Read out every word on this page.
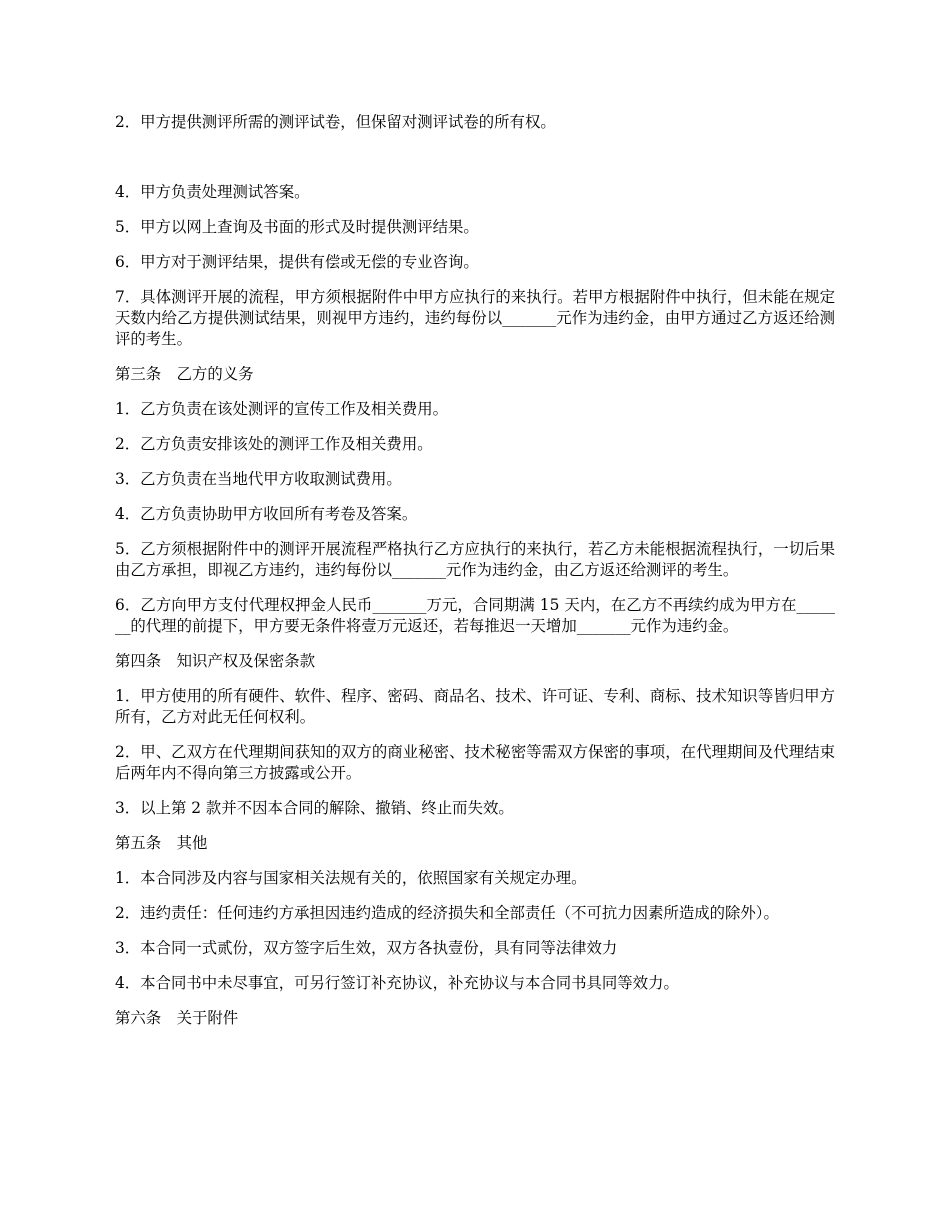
2．甲方提供测评所需的测评试卷，但保留对测评试卷的所有权。

4．甲方负责处理测试答案。

5．甲方以网上查询及书面的形式及时提供测评结果。

6．甲方对于测评结果，提供有偿或无偿的专业咨询。

7．具体测评开展的流程，甲方须根据附件中甲方应执行的来执行。若甲方根据附件中执行，但未能在规定天数内给乙方提供测试结果，则视甲方违约，违约每份以_______元作为违约金，由甲方通过乙方返还给测评的考生。

第三条　乙方的义务

1．乙方负责在该处测评的宣传工作及相关费用。

2．乙方负责安排该处的测评工作及相关费用。

3．乙方负责在当地代甲方收取测试费用。

4．乙方负责协助甲方收回所有考卷及答案。

5．乙方须根据附件中的测评开展流程严格执行乙方应执行的来执行，若乙方未能根据流程执行，一切后果由乙方承担，即视乙方违约，违约每份以_______元作为违约金，由乙方返还给测评的考生。

6．乙方向甲方支付代理权押金人民币_______万元，合同期满 15 天内，在乙方不再续约成为甲方在_______的代理的前提下，甲方要无条件将壹万元返还，若每推迟一天增加_______元作为违约金。

第四条　知识产权及保密条款

1．甲方使用的所有硬件、软件、程序、密码、商品名、技术、许可证、专利、商标、技术知识等皆归甲方所有，乙方对此无任何权利。

2．甲、乙双方在代理期间获知的双方的商业秘密、技术秘密等需双方保密的事项，在代理期间及代理结束后两年内不得向第三方披露或公开。

3．以上第 2 款并不因本合同的解除、撤销、终止而失效。

第五条　其他

1．本合同涉及内容与国家相关法规有关的，依照国家有关规定办理。

2．违约责任：任何违约方承担因违约造成的经济损失和全部责任（不可抗力因素所造成的除外）。

3．本合同一式贰份，双方签字后生效，双方各执壹份，具有同等法律效力

4．本合同书中未尽事宜，可另行签订补充协议，补充协议与本合同书具同等效力。

第六条　关于附件
